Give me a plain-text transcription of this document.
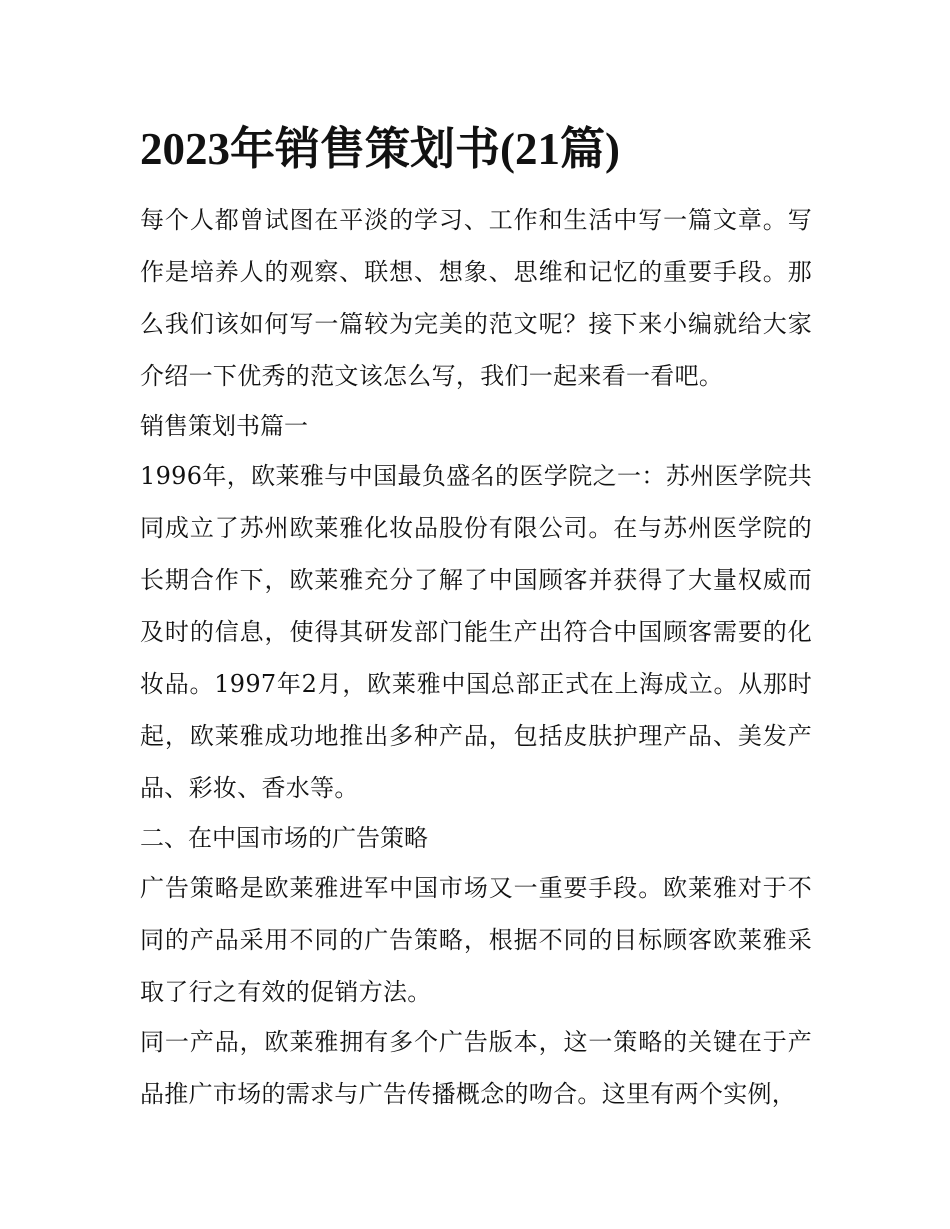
2023年销售策划书(21篇)

每个人都曾试图在平淡的学习、工作和生活中写一篇文章。写作是培养人的观察、联想、想象、思维和记忆的重要手段。那么我们该如何写一篇较为完美的范文呢？接下来小编就给大家介绍一下优秀的范文该怎么写，我们一起来看一看吧。

销售策划书篇一

1996年，欧莱雅与中国最负盛名的医学院之一：苏州医学院共同成立了苏州欧莱雅化妆品股份有限公司。在与苏州医学院的长期合作下，欧莱雅充分了解了中国顾客并获得了大量权威而及时的信息，使得其研发部门能生产出符合中国顾客需要的化妆品。1997年2月，欧莱雅中国总部正式在上海成立。从那时起，欧莱雅成功地推出多种产品，包括皮肤护理产品、美发产品、彩妆、香水等。

二、在中国市场的广告策略

广告策略是欧莱雅进军中国市场又一重要手段。欧莱雅对于不同的产品采用不同的广告策略，根据不同的目标顾客欧莱雅采取了行之有效的促销方法。

同一产品，欧莱雅拥有多个广告版本，这一策略的关键在于产品推广市场的需求与广告传播概念的吻合。这里有两个实例，
